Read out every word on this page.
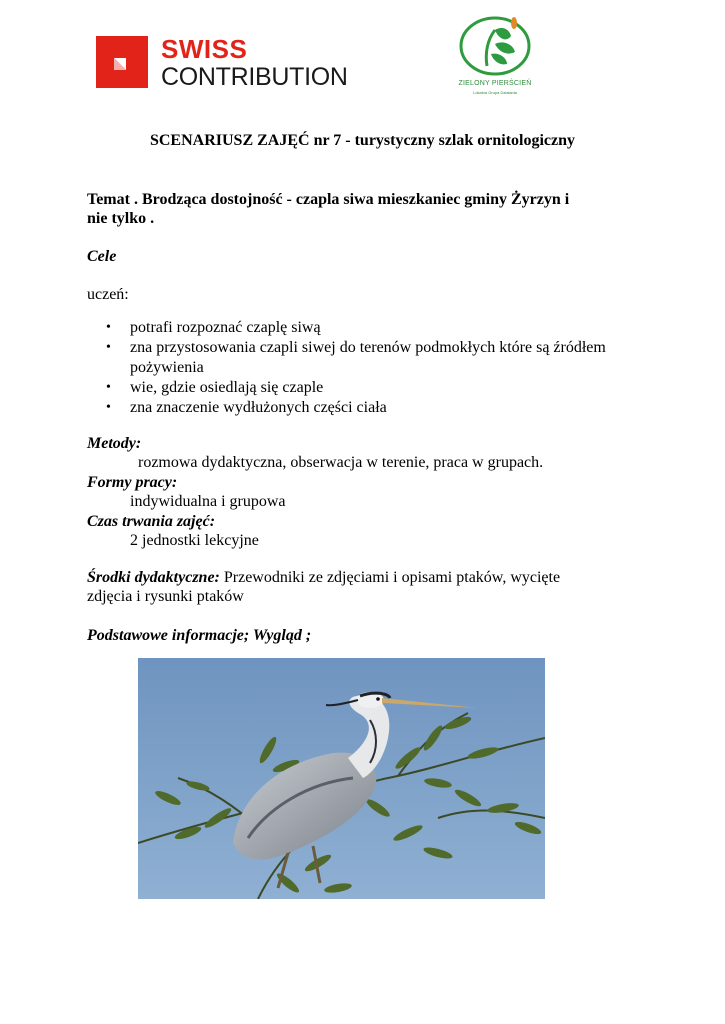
SWISS
CONTRIBUTION	ZIELONY PIERŚCIEŃ
Lokalna Grupa Działania
SCENARIUSZ ZAJĘĆ nr 7 - turystyczny szlak ornitologiczny
Temat . Brodząca dostojność - czapla siwa mieszkaniec gminy Żyrzyn i
nie tylko .
Cele
uczeń:
• potrafi rozpoznać czaplę siwą
• zna przystosowania czapli siwej do terenów podmokłych które są źródłem pożywienia
• wie, gdzie osiedlają się czaple
• zna znaczenie wydłużonych części ciała
Metody:
rozmowa dydaktyczna, obserwacja w terenie, praca w grupach.
Formy pracy:
indywidualna i grupowa
Czas trwania zajęć:
2 jednostki lekcyjne
Środki dydaktyczne: Przewodniki ze zdjęciami i opisami ptaków, wycięte
zdjęcia i rysunki ptaków
Podstawowe informacje; Wygląd ;
